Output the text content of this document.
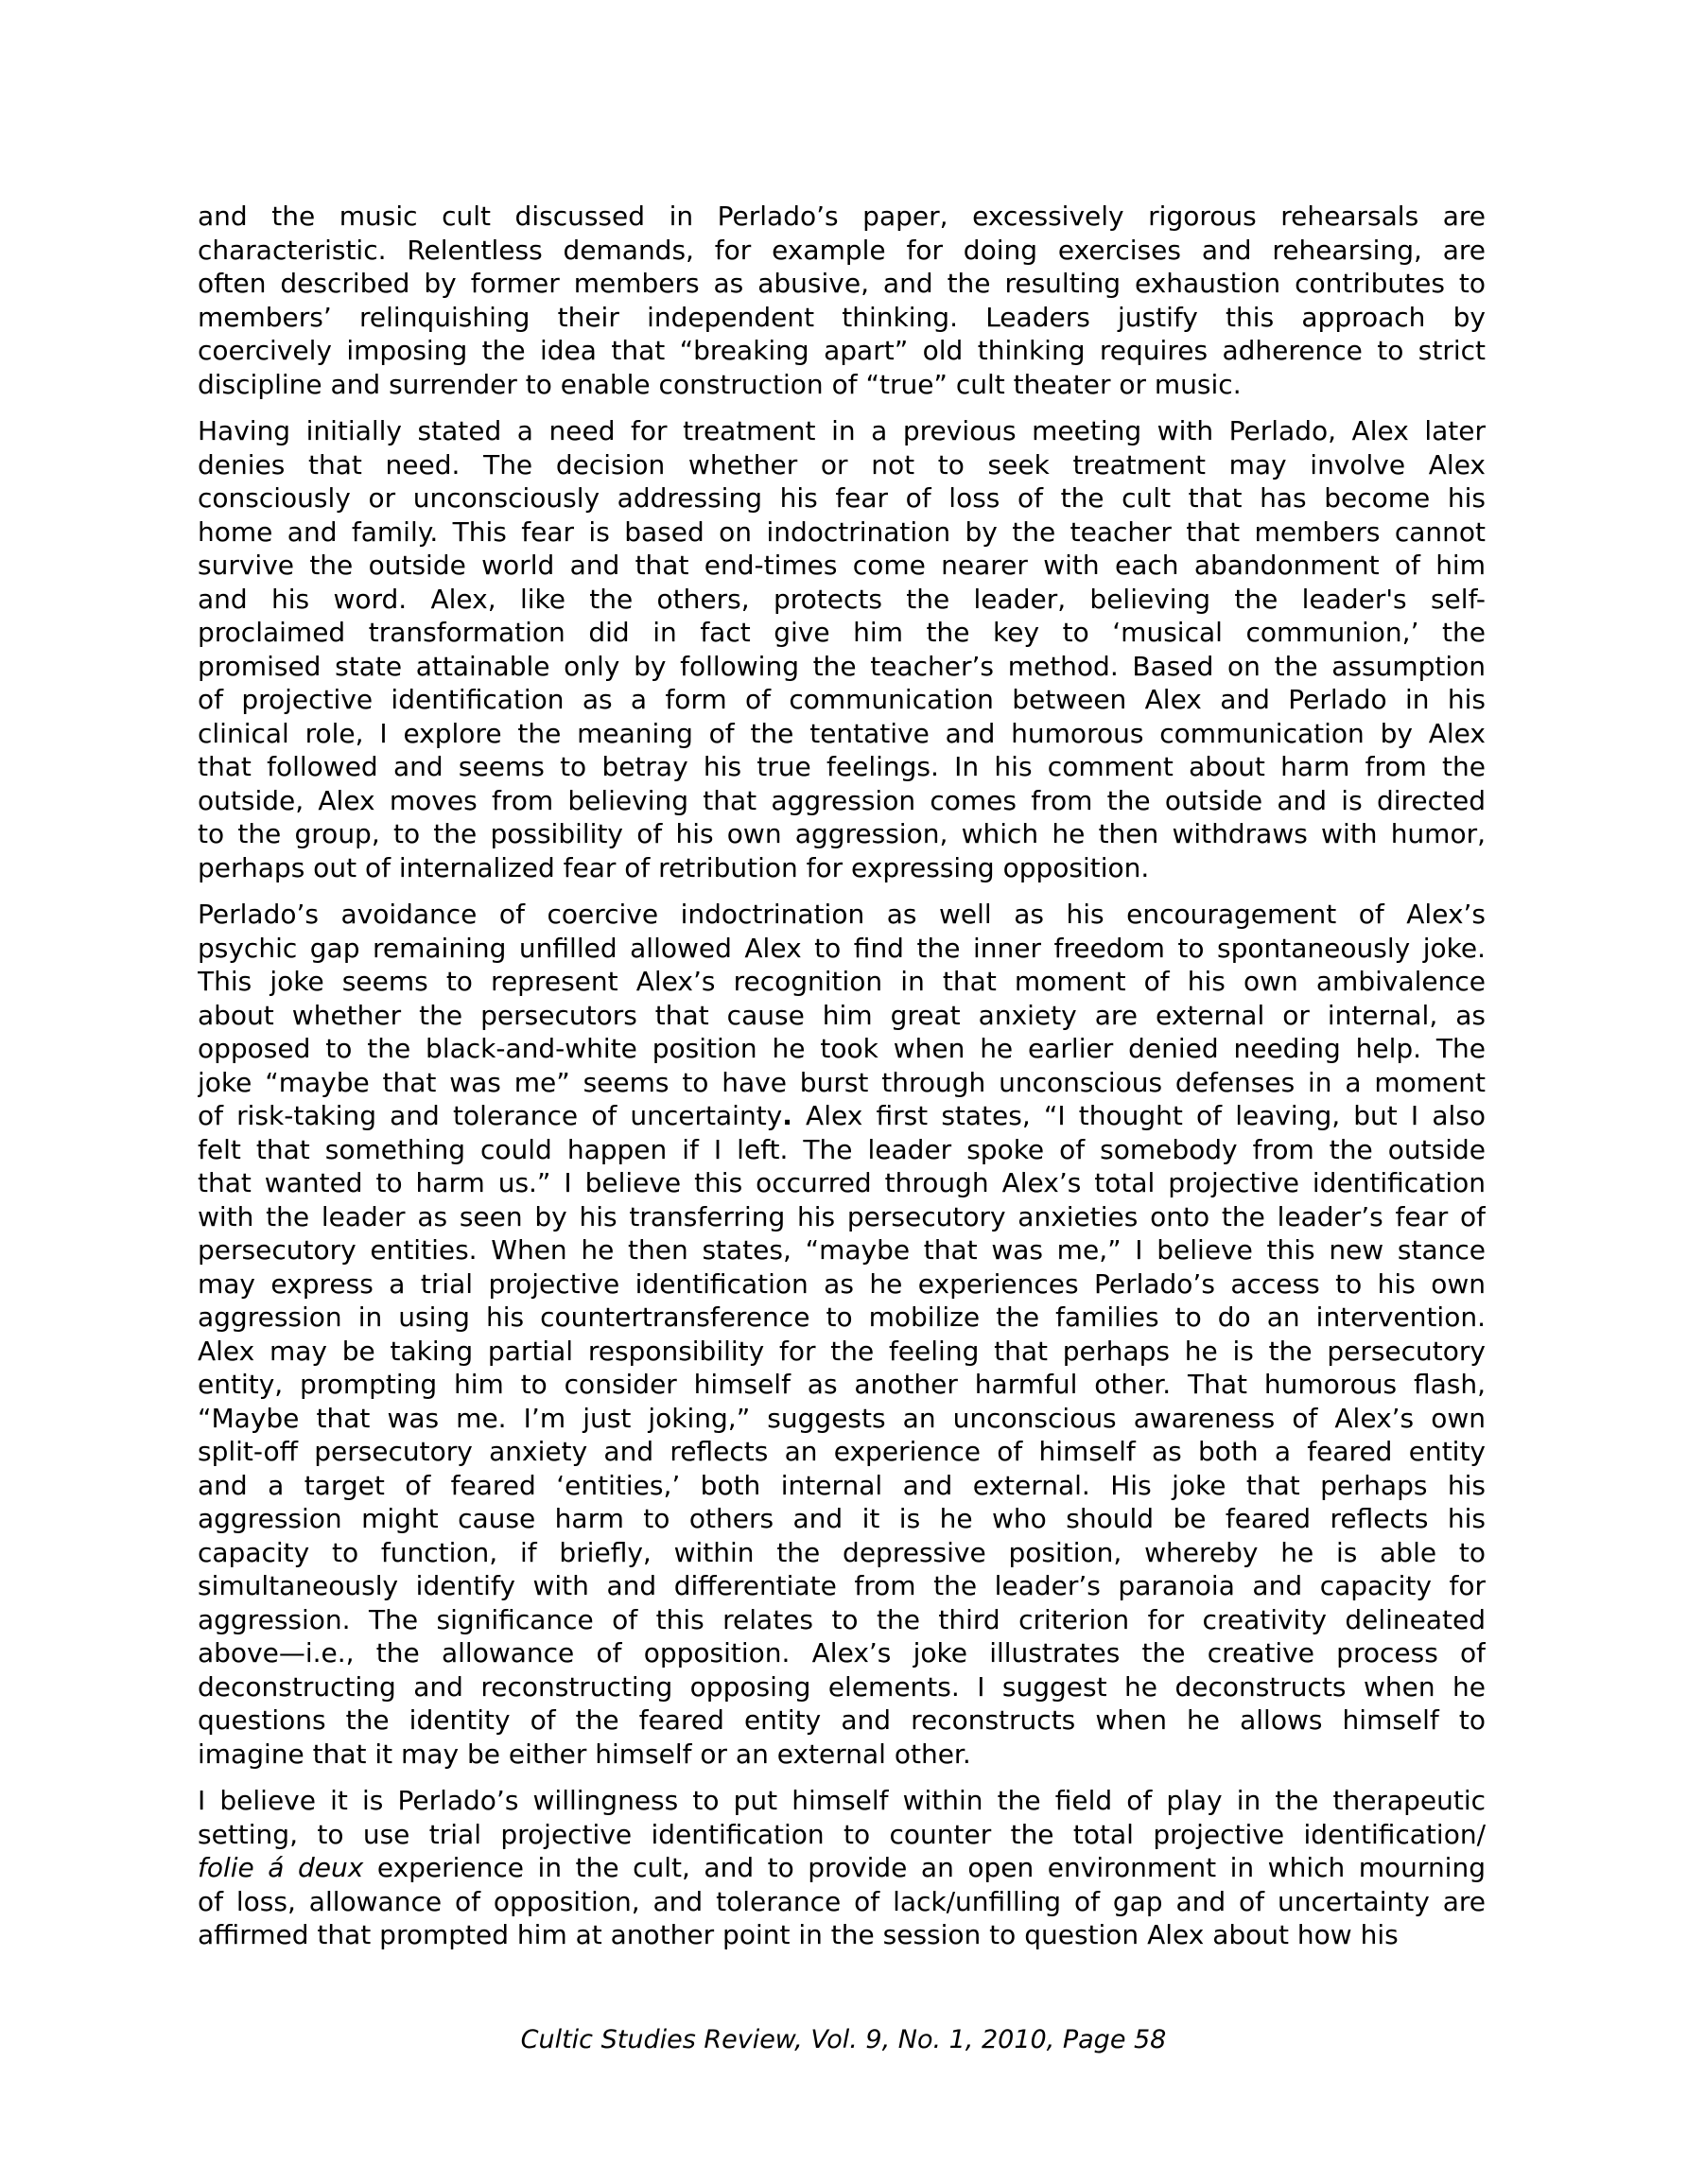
and the music cult discussed in Perlado’s paper, excessively rigorous rehearsals are
characteristic. Relentless demands, for example for doing exercises and rehearsing, are
often described by former members as abusive, and the resulting exhaustion contributes to
members’ relinquishing their independent thinking. Leaders justify this approach by
coercively imposing the idea that “breaking apart” old thinking requires adherence to strict
discipline and surrender to enable construction of “true” cult theater or music.
Having initially stated a need for treatment in a previous meeting with Perlado, Alex later
denies that need. The decision whether or not to seek treatment may involve Alex
consciously or unconsciously addressing his fear of loss of the cult that has become his
home and family. This fear is based on indoctrination by the teacher that members cannot
survive the outside world and that end-times come nearer with each abandonment of him
and his word. Alex, like the others, protects the leader, believing the leader's self-
proclaimed transformation did in fact give him the key to ‘musical communion,’ the
promised state attainable only by following the teacher’s method. Based on the assumption
of projective identification as a form of communication between Alex and Perlado in his
clinical role, I explore the meaning of the tentative and humorous communication by Alex
that followed and seems to betray his true feelings. In his comment about harm from the
outside, Alex moves from believing that aggression comes from the outside and is directed
to the group, to the possibility of his own aggression, which he then withdraws with humor,
perhaps out of internalized fear of retribution for expressing opposition.
Perlado’s avoidance of coercive indoctrination as well as his encouragement of Alex’s
psychic gap remaining unfilled allowed Alex to find the inner freedom to spontaneously joke.
This joke seems to represent Alex’s recognition in that moment of his own ambivalence
about whether the persecutors that cause him great anxiety are external or internal, as
opposed to the black-and-white position he took when he earlier denied needing help. The
joke “maybe that was me” seems to have burst through unconscious defenses in a moment
of risk-taking and tolerance of uncertainty. Alex first states, “I thought of leaving, but I also
felt that something could happen if I left. The leader spoke of somebody from the outside
that wanted to harm us.” I believe this occurred through Alex’s total projective identification
with the leader as seen by his transferring his persecutory anxieties onto the leader’s fear of
persecutory entities. When he then states, “maybe that was me,” I believe this new stance
may express a trial projective identification as he experiences Perlado’s access to his own
aggression in using his countertransference to mobilize the families to do an intervention.
Alex may be taking partial responsibility for the feeling that perhaps he is the persecutory
entity, prompting him to consider himself as another harmful other. That humorous flash,
“Maybe that was me. I’m just joking,” suggests an unconscious awareness of Alex’s own
split-off persecutory anxiety and reflects an experience of himself as both a feared entity
and a target of feared ‘entities,’ both internal and external. His joke that perhaps his
aggression might cause harm to others and it is he who should be feared reflects his
capacity to function, if briefly, within the depressive position, whereby he is able to
simultaneously identify with and differentiate from the leader’s paranoia and capacity for
aggression. The significance of this relates to the third criterion for creativity delineated
above—i.e., the allowance of opposition. Alex’s joke illustrates the creative process of
deconstructing and reconstructing opposing elements. I suggest he deconstructs when he
questions the identity of the feared entity and reconstructs when he allows himself to
imagine that it may be either himself or an external other.
I believe it is Perlado’s willingness to put himself within the field of play in the therapeutic
setting, to use trial projective identification to counter the total projective identification/
folie á deux experience in the cult, and to provide an open environment in which mourning
of loss, allowance of opposition, and tolerance of lack/unfilling of gap and of uncertainty are
affirmed that prompted him at another point in the session to question Alex about how his
Cultic Studies Review, Vol. 9, No. 1, 2010, Page 58
